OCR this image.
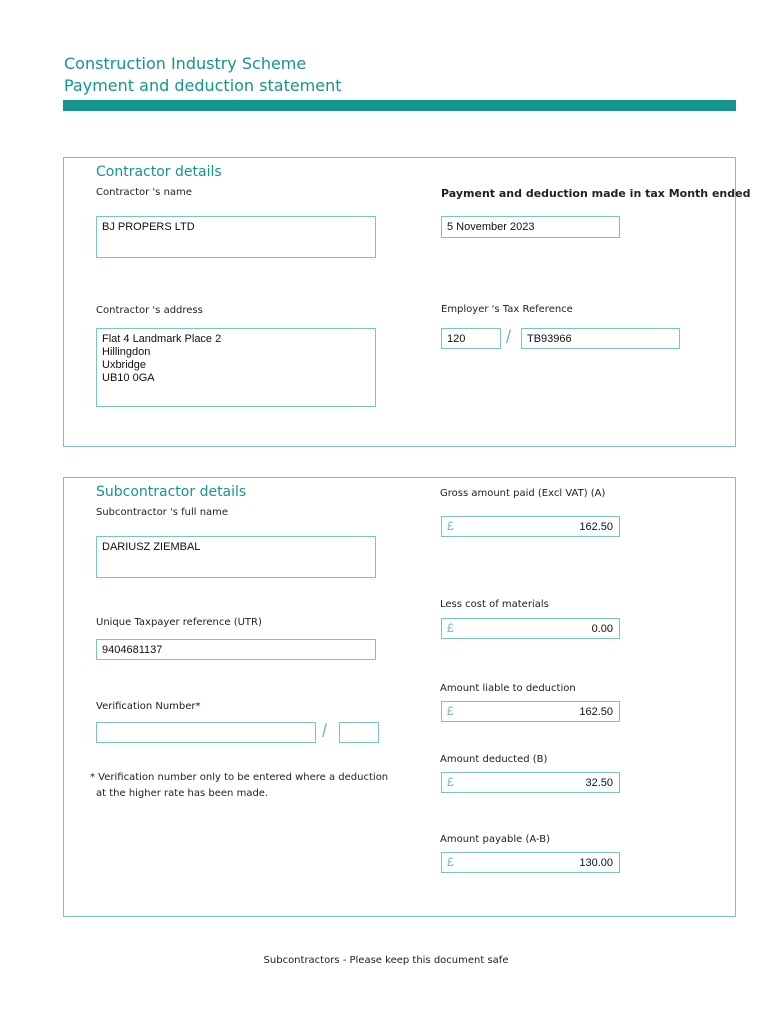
Construction Industry Scheme
Payment and deduction statement
Contractor details
Contractor 's name
BJ PROPERS LTD
Payment and deduction made in tax Month ended
5 November 2023
Contractor 's address
Flat 4 Landmark Place 2
Hillingdon
Uxbridge
UB10 0GA
Employer 's Tax Reference
120	/	TB93966
Subcontractor details
Subcontractor 's full name
DARIUSZ ZIEMBAL
Unique Taxpayer reference (UTR)
9404681137
Verification Number*
/
* Verification number only to be entered where a deduction
at the higher rate has been made.
Gross amount paid (Excl VAT) (A)
£	162.50
Less cost of materials
£	0.00
Amount liable to deduction
£	162.50
Amount deducted (B)
£	32.50
Amount payable (A-B)
£	130.00
Subcontractors - Please keep this document safe
